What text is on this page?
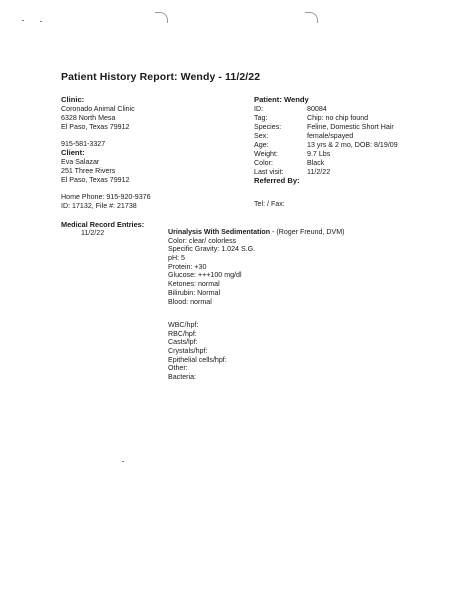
Patient History Report: Wendy - 11/2/22
Clinic:
Coronado Animal Clinic
6328 North Mesa
El Paso, Texas 79912
915-581-3327
Client:
Eva Salazar
251 Three Rivers
El Paso, Texas 79912
Home Phone: 915-920-9376
ID: 17132, File #: 21738
Patient: Wendy
ID:	80084
Tag:	Chip: no chip found
Species:	Feline, Domestic Short Hair
Sex:	female/spayed
Age:	13 yrs & 2 mo, DOB: 8/19/09
Weight:	9.7 Lbs
Color:	Black
Last visit:	11/2/22
Referred By:
Tel: / Fax:
Medical Record Entries:
11/2/22	Urinalysis With Sedimentation - (Roger Freund, DVM)
Color: clear/ colorless
Specific Gravity: 1.024 S.G.
pH: 5
Protein: +30
Glucose: +++100 mg/dl
Ketones: normal
Bilirubin: Normal
Blood: normal
WBC/hpf:
RBC/hpf:
Casts/lpf:
Crystals/hpf:
Epithelial cells/hpf:
Other:
Bacteria:
